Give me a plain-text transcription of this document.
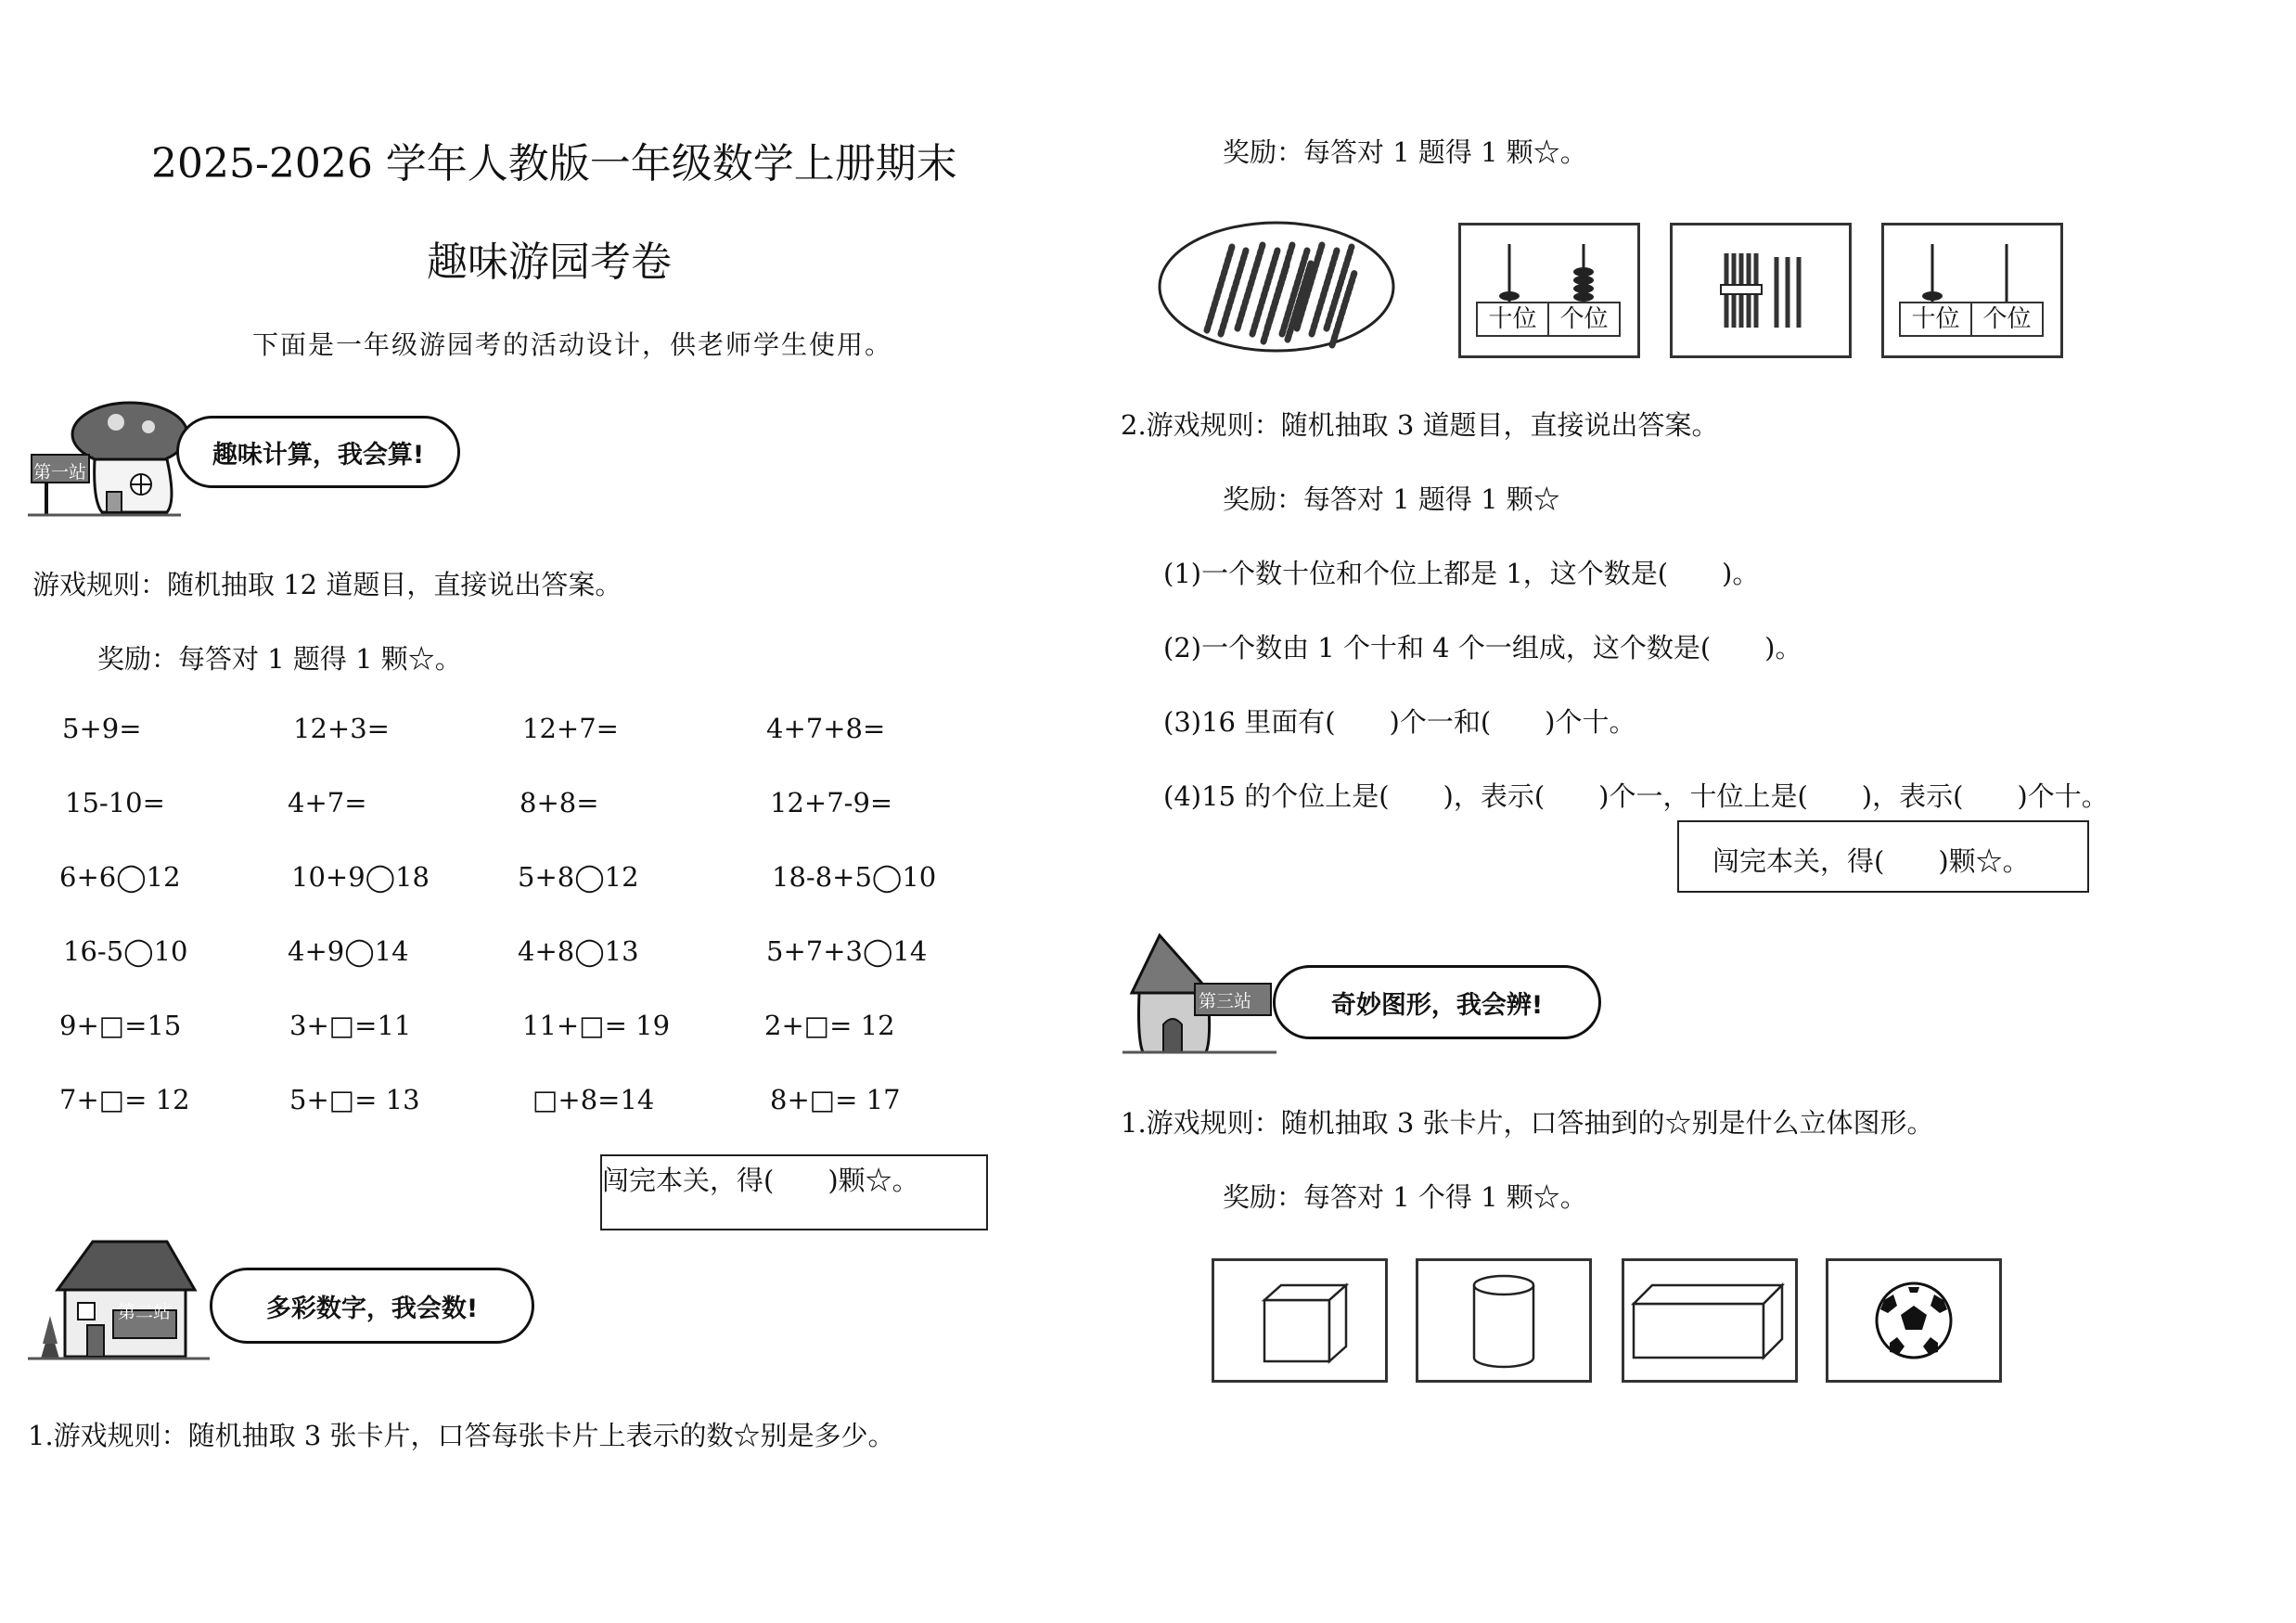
2025-2026 学年人教版一年级数学上册期末
趣味游园考卷
下面是一年级游园考的活动设计，供老师学生使用。
第一站
趣味计算，我会算!
游戏规则：随机抽取 12 道题目，直接说出答案。
奖励：每答对 1 题得 1 颗☆。
5+9=	12+3=	12+7=	4+7+8=
15-10=	4+7=	8+8=	12+7-9=
6+6◯12	10+9◯18	5+8◯12	18-8+5◯10
16-5◯10	4+9◯14	4+8◯13	5+7+3◯14
9+□=15	3+□=11	11+□= 19	2+□= 12
7+□= 12	5+□= 13	□+8=14	8+□= 17
闯完本关，得(　　)颗☆。
第二站	多彩数字，我会数!
1.游戏规则：随机抽取 3 张卡片，口答每张卡片上表示的数☆别是多少。
奖励：每答对 1 题得 1 颗☆。
十位 个位	十位 个位
2.游戏规则：随机抽取 3 道题目，直接说出答案。
奖励：每答对 1 题得 1 颗☆
(1)一个数十位和个位上都是 1，这个数是(　　)。
(2)一个数由 1 个十和 4 个一组成，这个数是(　　)。
(3)16 里面有(　　)个一和(　　)个十。
(4)15 的个位上是(　　)，表示(　　)个一，十位上是(　　)，表示(　　)个十。
闯完本关，得(　　)颗☆。
第三站	奇妙图形，我会辨!
1.游戏规则：随机抽取 3 张卡片，口答抽到的☆别是什么立体图形。
奖励：每答对 1 个得 1 颗☆。
